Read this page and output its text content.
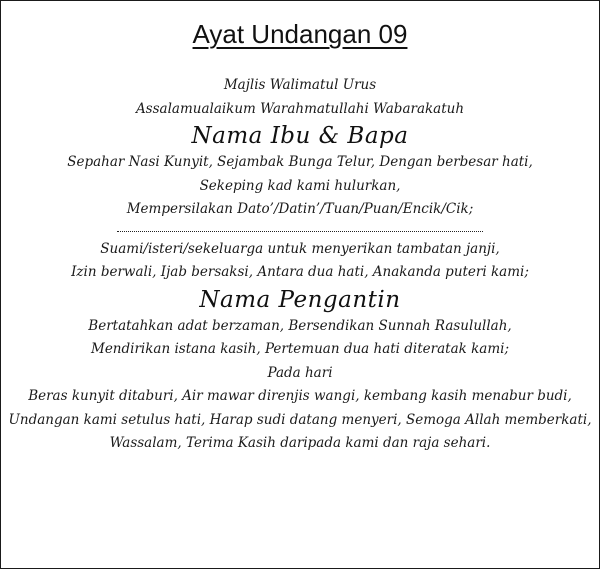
Ayat Undangan 09
Majlis Walimatul Urus
Assalamualaikum Warahmatullahi Wabarakatuh
Nama Ibu & Bapa
Sepahar Nasi Kunyit, Sejambak Bunga Telur, Dengan berbesar hati,
Sekeping kad kami hulurkan,
Mempersilakan Dato’/Datin’/Tuan/Puan/Encik/Cik;
Suami/isteri/sekeluarga untuk menyerikan tambatan janji,
Izin berwali, Ijab bersaksi, Antara dua hati, Anakanda puteri kami;
Nama Pengantin
Bertatahkan adat berzaman, Bersendikan Sunnah Rasulullah,
Mendirikan istana kasih, Pertemuan dua hati diteratak kami;
Pada hari
Beras kunyit ditaburi, Air mawar direnjis wangi, kembang kasih menabur budi,
Undangan kami setulus hati, Harap sudi datang menyeri, Semoga Allah memberkati,
Wassalam, Terima Kasih daripada kami dan raja sehari.
